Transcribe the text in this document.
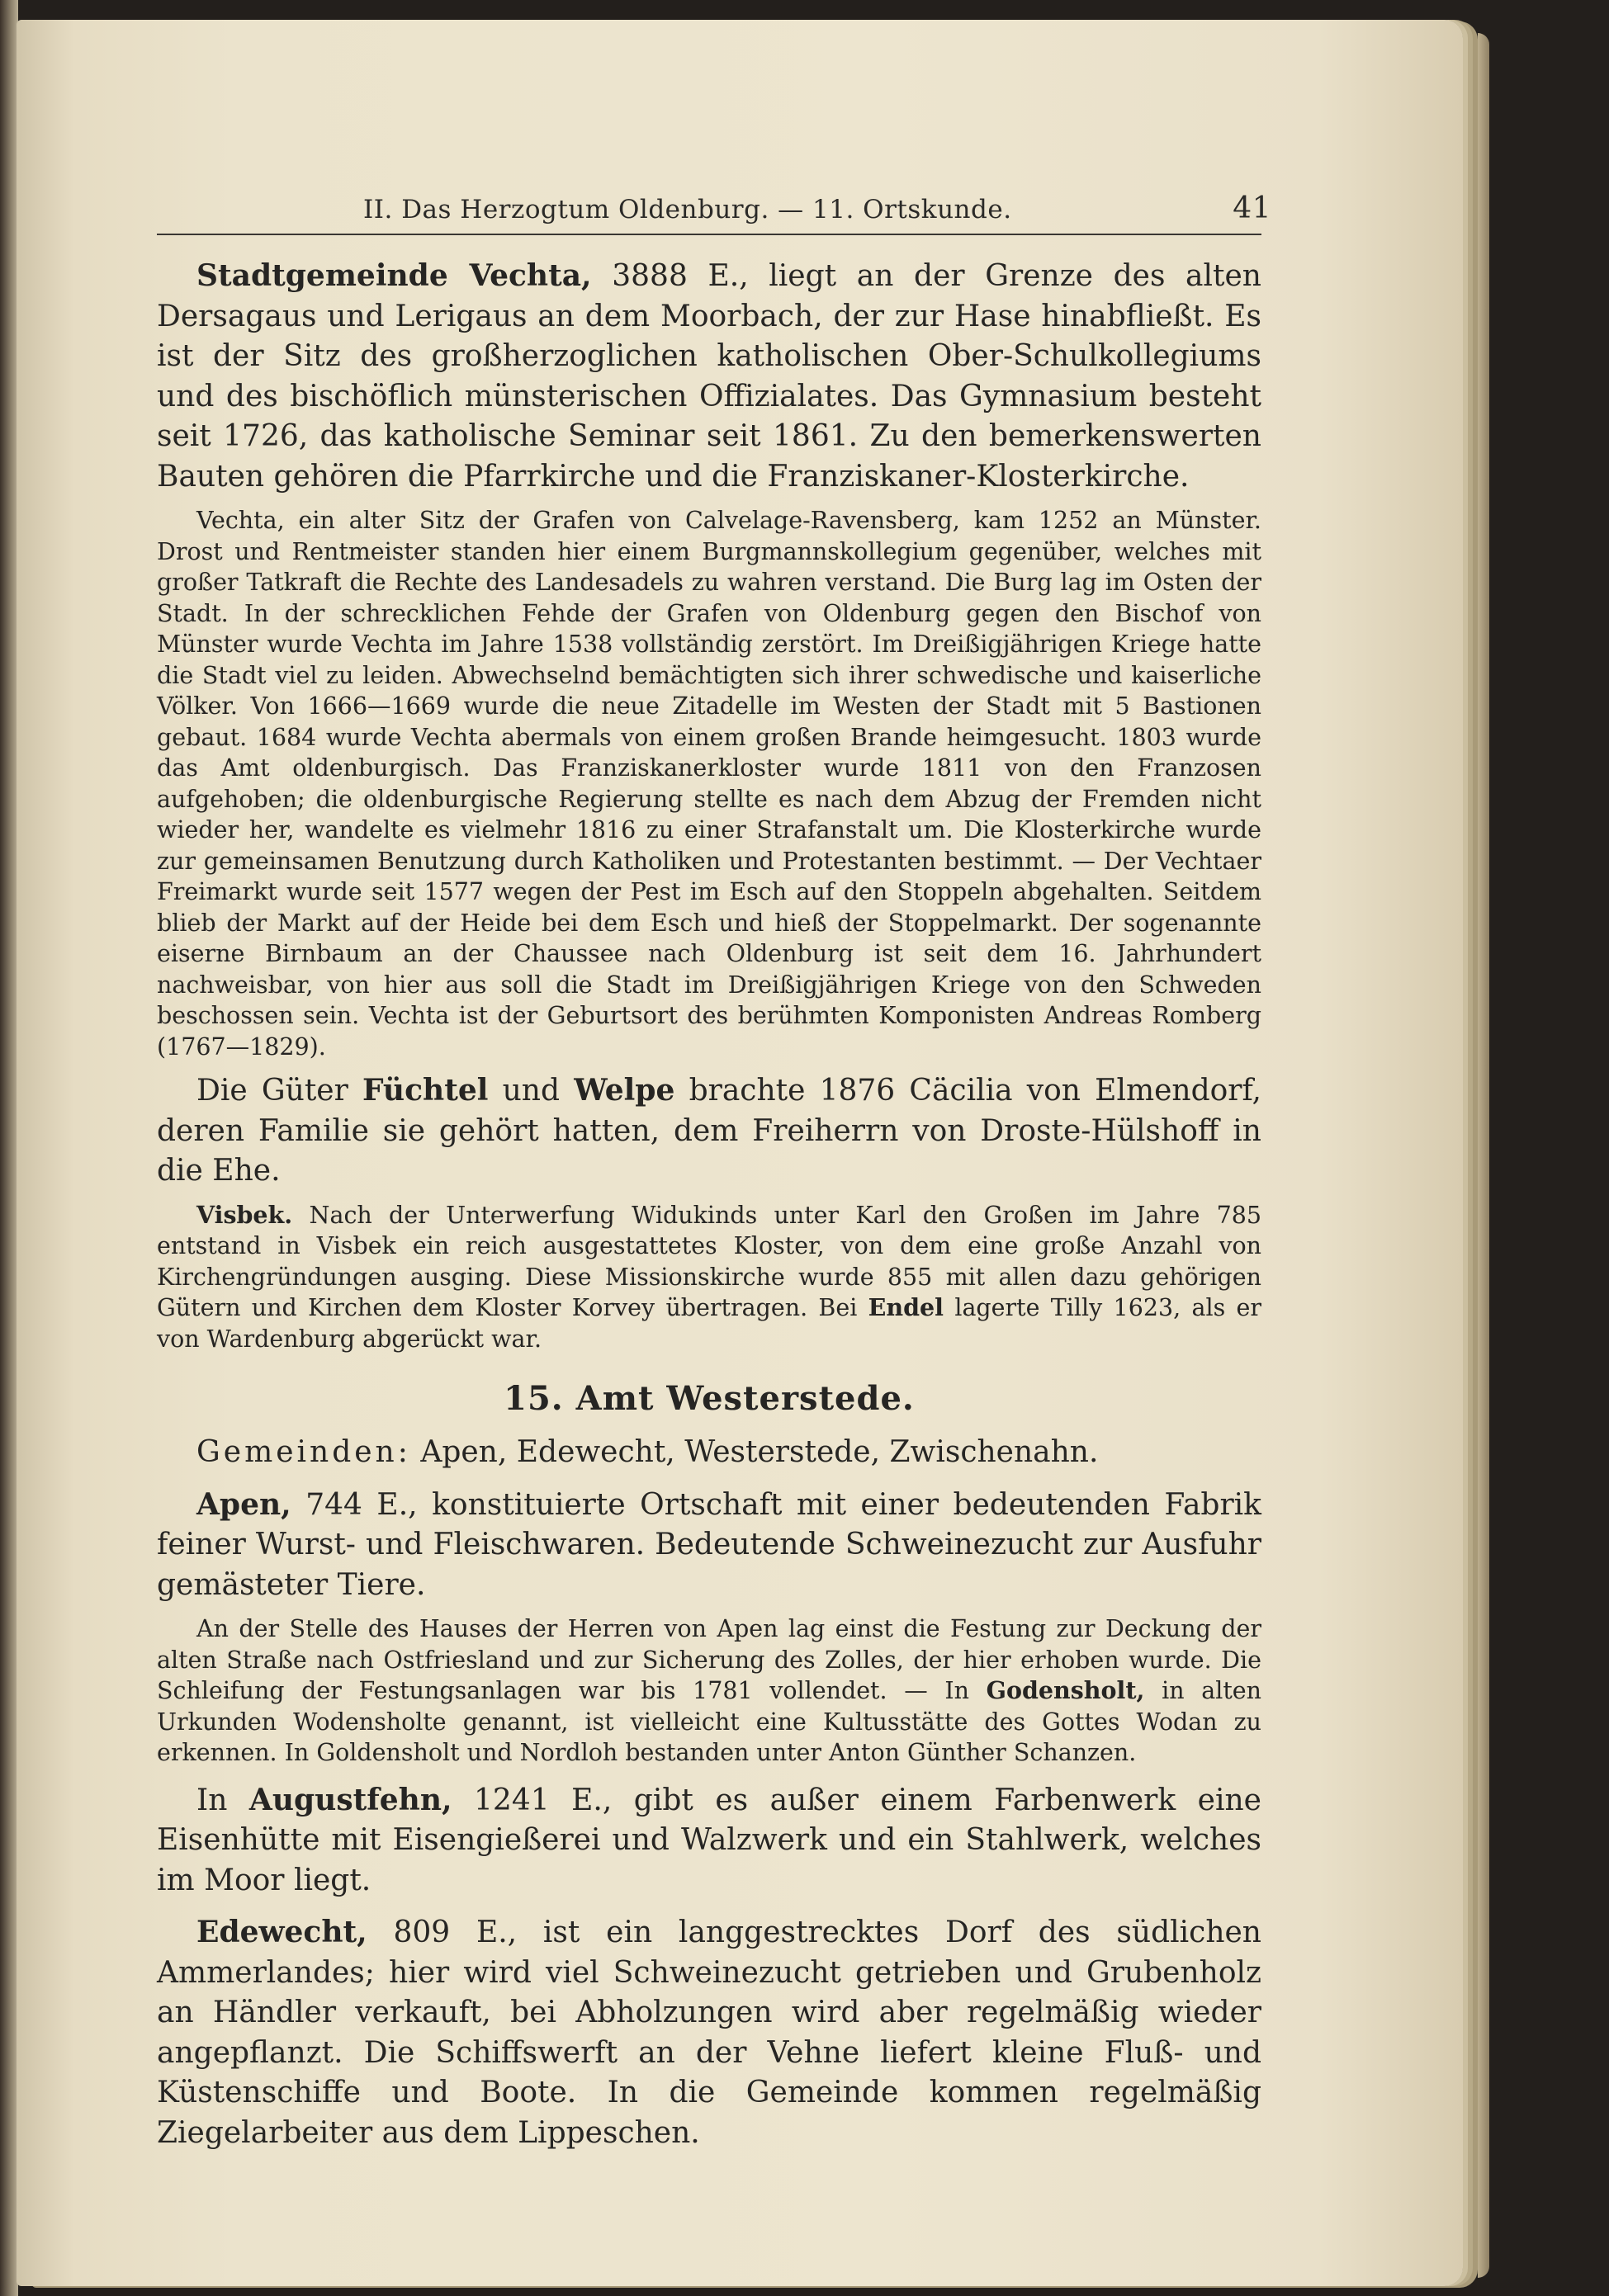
II. Das Herzogtum Oldenburg. — 11. Ortskunde.	41

Stadtgemeinde Vechta, 3888 E., liegt an der Grenze des alten Dersagaus und Lerigaus an dem Moorbach, der zur Hase hinabfließt. Es ist der Sitz des großherzoglichen katholischen Ober-Schulkollegiums und des bischöflich münsterischen Offizialates. Das Gymnasium besteht seit 1726, das katholische Seminar seit 1861. Zu den bemerkenswerten Bauten gehören die Pfarrkirche und die Franziskaner-Klosterkirche.

Vechta, ein alter Sitz der Grafen von Calvelage-Ravensberg, kam 1252 an Münster. Drost und Rentmeister standen hier einem Burgmannskollegium gegenüber, welches mit großer Tatkraft die Rechte des Landesadels zu wahren verstand. Die Burg lag im Osten der Stadt. In der schrecklichen Fehde der Grafen von Oldenburg gegen den Bischof von Münster wurde Vechta im Jahre 1538 vollständig zerstört. Im Dreißigjährigen Kriege hatte die Stadt viel zu leiden. Abwechselnd bemächtigten sich ihrer schwedische und kaiserliche Völker. Von 1666—1669 wurde die neue Zitadelle im Westen der Stadt mit 5 Bastionen gebaut. 1684 wurde Vechta abermals von einem großen Brande heimgesucht. 1803 wurde das Amt oldenburgisch. Das Franziskanerkloster wurde 1811 von den Franzosen aufgehoben; die oldenburgische Regierung stellte es nach dem Abzug der Fremden nicht wieder her, wandelte es vielmehr 1816 zu einer Strafanstalt um. Die Klosterkirche wurde zur gemeinsamen Benutzung durch Katholiken und Protestanten bestimmt. — Der Vechtaer Freimarkt wurde seit 1577 wegen der Pest im Esch auf den Stoppeln abgehalten. Seitdem blieb der Markt auf der Heide bei dem Esch und hieß der Stoppelmarkt. Der sogenannte eiserne Birnbaum an der Chaussee nach Oldenburg ist seit dem 16. Jahrhundert nachweisbar, von hier aus soll die Stadt im Dreißigjährigen Kriege von den Schweden beschossen sein. Vechta ist der Geburtsort des berühmten Komponisten Andreas Romberg (1767—1829).

Die Güter Füchtel und Welpe brachte 1876 Cäcilia von Elmendorf, deren Familie sie gehört hatten, dem Freiherrn von Droste-Hülshoff in die Ehe.

Visbek. Nach der Unterwerfung Widukinds unter Karl den Großen im Jahre 785 entstand in Visbek ein reich ausgestattetes Kloster, von dem eine große Anzahl von Kirchengründungen ausging. Diese Missionskirche wurde 855 mit allen dazu gehörigen Gütern und Kirchen dem Kloster Korvey übertragen. Bei Endel lagerte Tilly 1623, als er von Wardenburg abgerückt war.

15. Amt Westerstede.

Gemeinden: Apen, Edewecht, Westerstede, Zwischenahn.

Apen, 744 E., konstituierte Ortschaft mit einer bedeutenden Fabrik feiner Wurst- und Fleischwaren. Bedeutende Schweinezucht zur Ausfuhr gemästeter Tiere.

An der Stelle des Hauses der Herren von Apen lag einst die Festung zur Deckung der alten Straße nach Ostfriesland und zur Sicherung des Zolles, der hier erhoben wurde. Die Schleifung der Festungsanlagen war bis 1781 vollendet. — In Godensholt, in alten Urkunden Wodensholte genannt, ist vielleicht eine Kultusstätte des Gottes Wodan zu erkennen. In Goldensholt und Nordloh bestanden unter Anton Günther Schanzen.

In Augustfehn, 1241 E., gibt es außer einem Farbenwerk eine Eisenhütte mit Eisengießerei und Walzwerk und ein Stahlwerk, welches im Moor liegt.

Edewecht, 809 E., ist ein langgestrecktes Dorf des südlichen Ammerlandes; hier wird viel Schweinezucht getrieben und Grubenholz an Händler verkauft, bei Abholzungen wird aber regelmäßig wieder angepflanzt. Die Schiffswerft an der Vehne liefert kleine Fluß- und Küstenschiffe und Boote. In die Gemeinde kommen regelmäßig Ziegelarbeiter aus dem Lippeschen.
